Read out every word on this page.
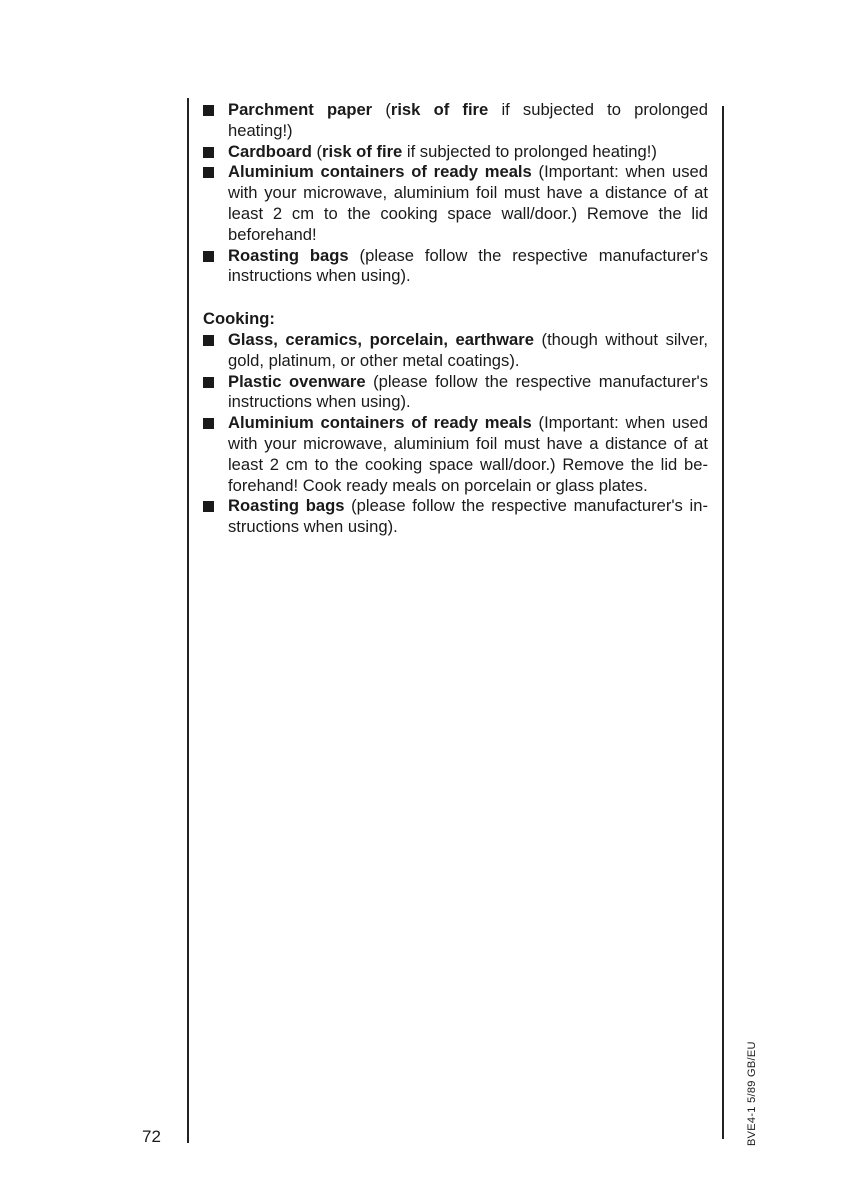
Parchment paper (risk of fire if subjected to prolonged heating!)
Cardboard (risk of fire if subjected to prolonged heating!)
Aluminium containers of ready meals (Important: when used with your microwave, aluminium foil must have a distance of at least 2 cm to the cooking space wall/door.) Remove the lid beforehand!
Roasting bags (please follow the respective manufacturer's instructions when using).
Cooking:
Glass, ceramics, porcelain, earthware (though without silver, gold, platinum, or other metal coatings).
Plastic ovenware (please follow the respective manufacturer's instructions when using).
Aluminium containers of ready meals (Important: when used with your microwave, aluminium foil must have a distance of at least 2 cm to the cooking space wall/door.) Remove the lid beforehand! Cook ready meals on porcelain or glass plates.
Roasting bags (please follow the respective manufacturer's instructions when using).
72	BVE4-1 5/89 GB/EU
